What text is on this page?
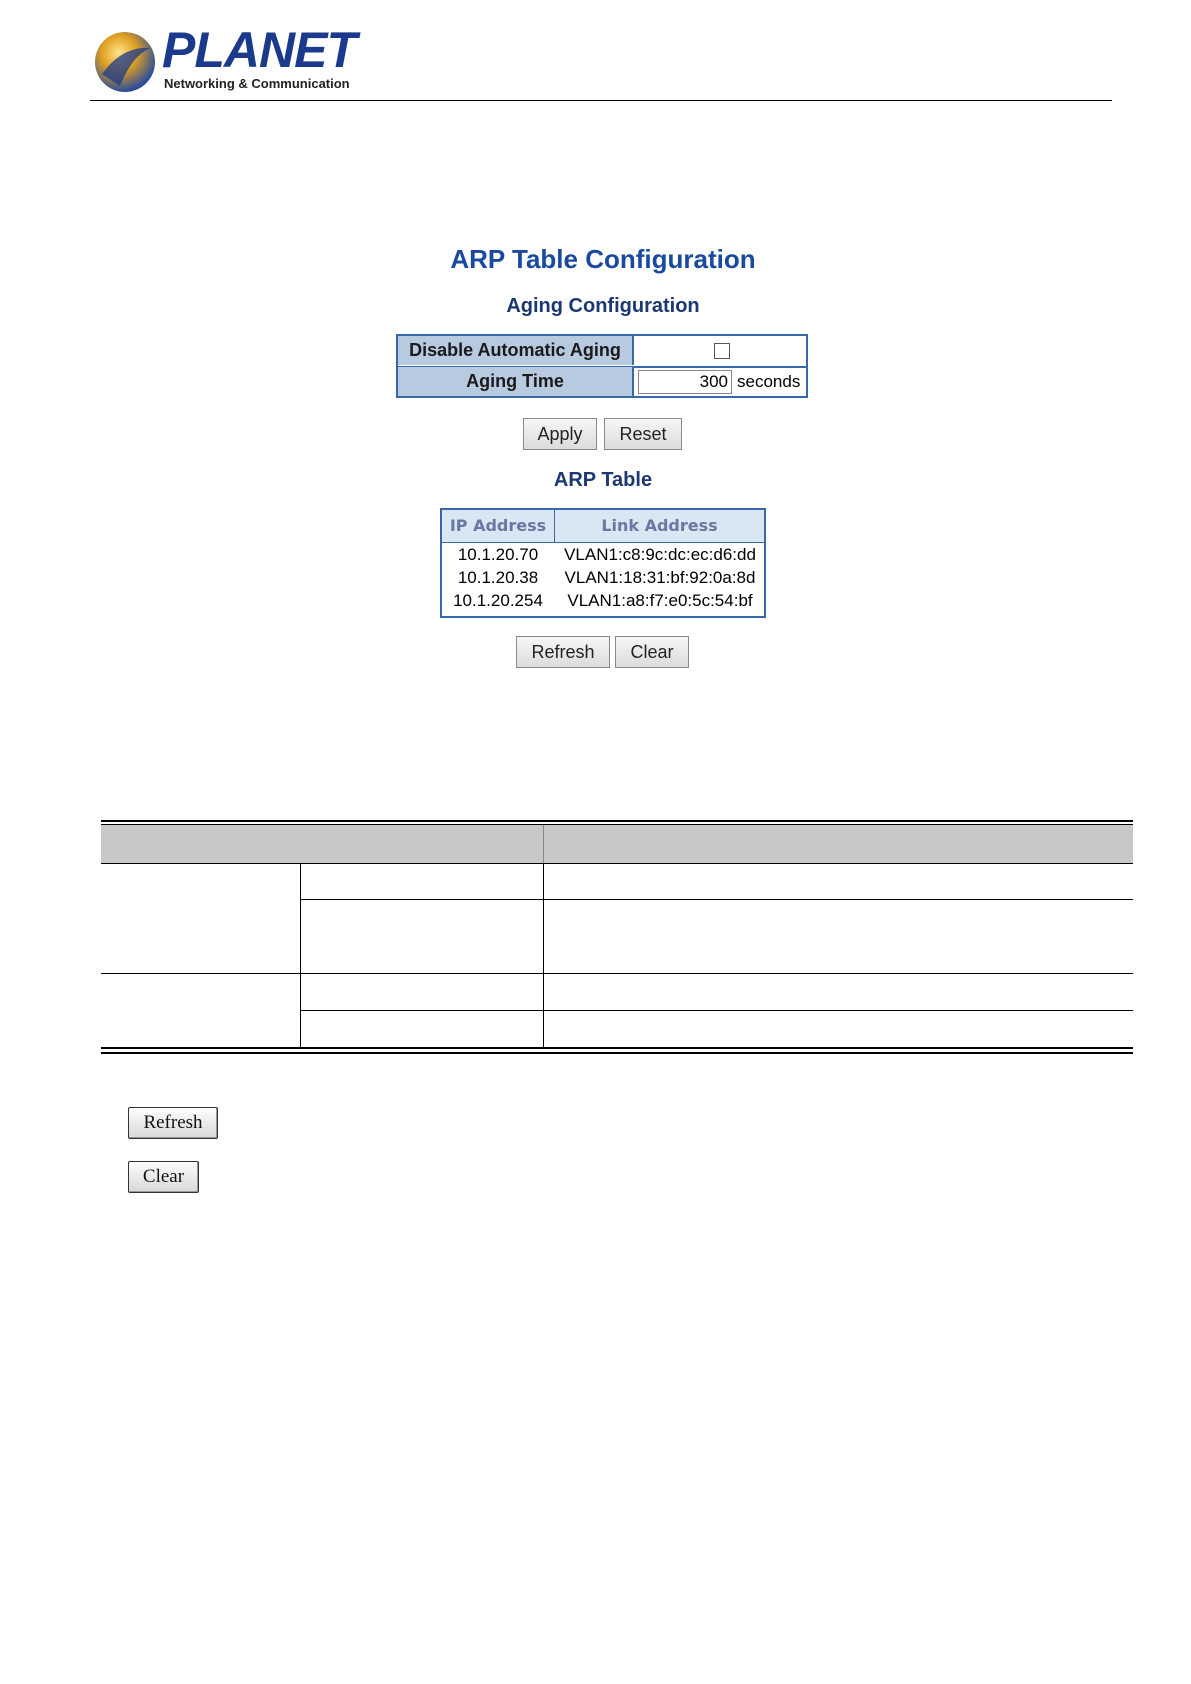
PLANET
Networking & Communication
ARP Table Configuration
Aging Configuration
Disable Automatic Aging
Aging Time	300 seconds
Apply	Reset
ARP Table
IP Address	Link Address
10.1.20.70	VLAN1:c8:9c:dc:ec:d6:dd
10.1.20.38	VLAN1:18:31:bf:92:0a:8d
10.1.20.254	VLAN1:a8:f7:e0:5c:54:bf
Refresh	Clear
Refresh
Clear
